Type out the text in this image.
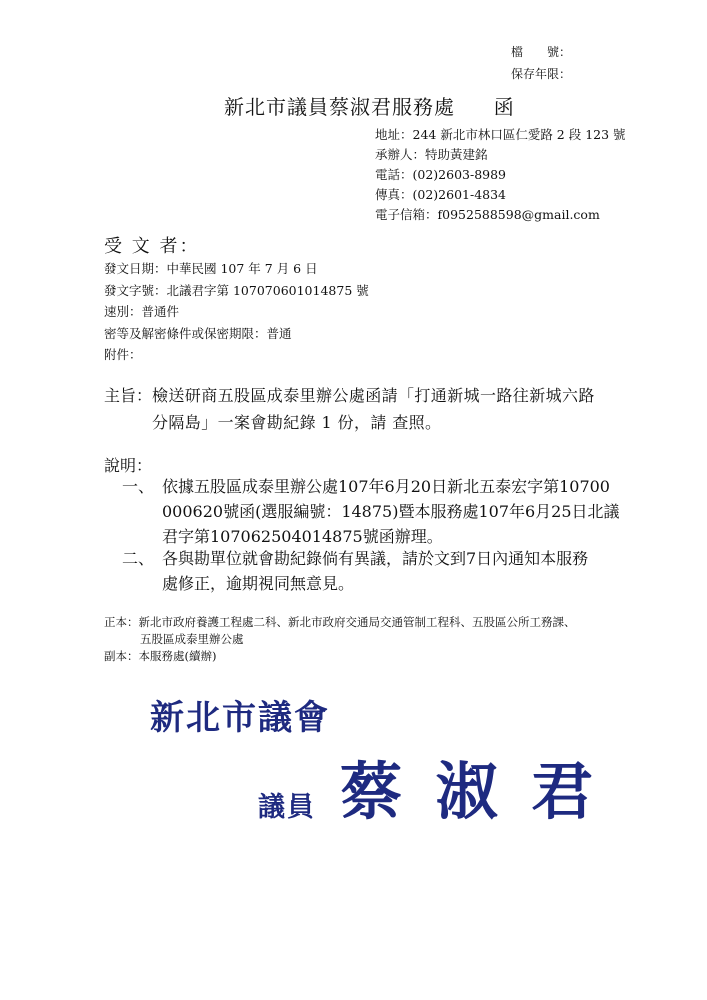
檔　　號：
保存年限：
新北市議員蔡淑君服務處 函
地址：244 新北市林口區仁愛路 2 段 123 號
承辦人：特助黃建銘
電話：(02)2603-8989
傳真：(02)2601-4834
電子信箱：f0952588598@gmail.com
受 文 者：
發文日期：中華民國 107 年 7 月 6 日
發文字號：北議君字第 107070601014875 號
速別：普通件
密等及解密條件或保密期限：普通
附件：
主旨： 檢送研商五股區成泰里辦公處函請「打通新城一路往新城六路
分隔島」一案會勘紀錄 1 份，請 查照。
說明：
一、 依據五股區成泰里辦公處107年6月20日新北五泰宏字第10700
000620號函(選服編號：14875)暨本服務處107年6月25日北議
君字第107062504014875號函辦理。
二、 各與勘單位就會勘紀錄倘有異議，請於文到7日內通知本服務
處修正，逾期視同無意見。
正本：新北市政府養護工程處二科、新北市政府交通局交通管制工程科、五股區公所工務課、
五股區成泰里辦公處
副本：本服務處(續辦)
新北市議會
議員 蔡 淑 君
